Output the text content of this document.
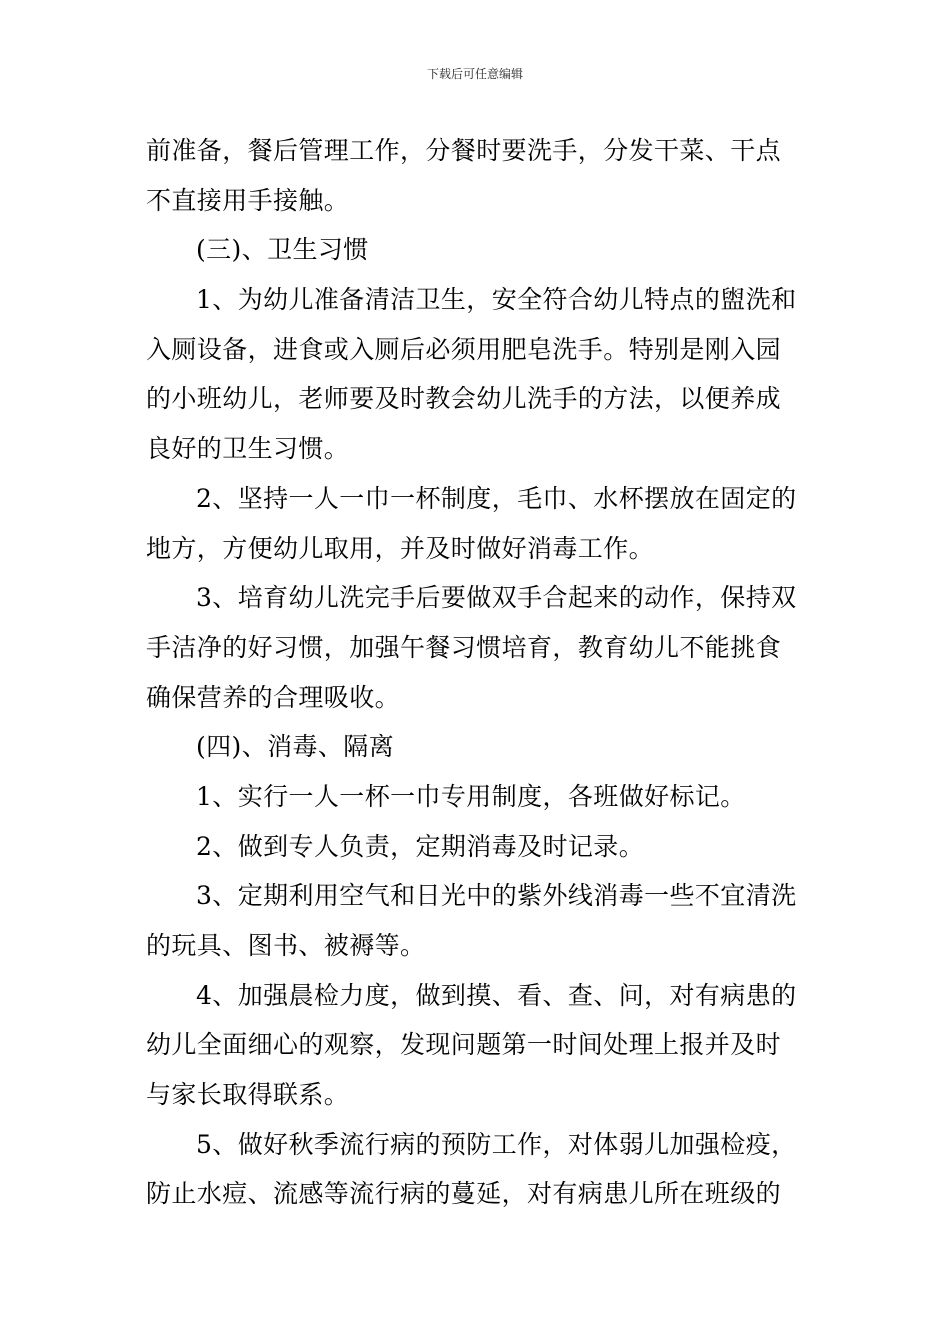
下载后可任意编辑
前准备，餐后管理工作，分餐时要洗手，分发干菜、干点
不直接用手接触。
(三)、卫生习惯
1、为幼儿准备清洁卫生，安全符合幼儿特点的盥洗和
入厕设备，进食或入厕后必须用肥皂洗手。特别是刚入园
的小班幼儿，老师要及时教会幼儿洗手的方法，以便养成
良好的卫生习惯。
2、坚持一人一巾一杯制度，毛巾、水杯摆放在固定的
地方，方便幼儿取用，并及时做好消毒工作。
3、培育幼儿洗完手后要做双手合起来的动作，保持双
手洁净的好习惯，加强午餐习惯培育，教育幼儿不能挑食
确保营养的合理吸收。
(四)、消毒、隔离
1、实行一人一杯一巾专用制度，各班做好标记。
2、做到专人负责，定期消毒及时记录。
3、定期利用空气和日光中的紫外线消毒一些不宜清洗
的玩具、图书、被褥等。
4、加强晨检力度，做到摸、看、查、问，对有病患的
幼儿全面细心的观察，发现问题第一时间处理上报并及时
与家长取得联系。
5、做好秋季流行病的预防工作，对体弱儿加强检疫，
防止水痘、流感等流行病的蔓延，对有病患儿所在班级的
